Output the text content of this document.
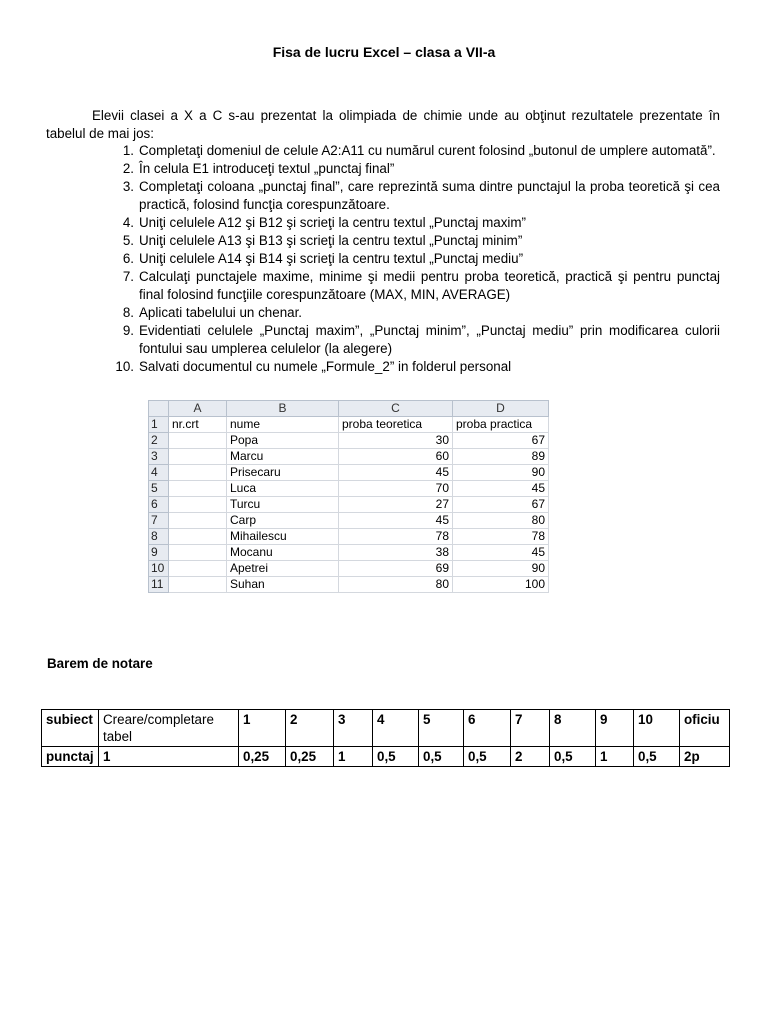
Fisa de lucru Excel – clasa a VII-a
Elevii clasei a X a C s-au prezentat la olimpiada de chimie unde au obţinut rezultatele prezentate în tabelul de mai jos:
1. Completaţi domeniul de celule A2:A11 cu numărul curent folosind „butonul de umplere automată”.
2. În celula E1 introduceţi textul „punctaj final”
3. Completaţi coloana „punctaj final”, care reprezintă suma dintre punctajul la proba teoretică şi cea practică, folosind funcţia corespunzătoare.
4. Uniţi celulele A12 şi B12 şi scrieţi la centru textul „Punctaj maxim”
5. Uniţi celulele A13 şi B13 şi scrieţi la centru textul „Punctaj minim”
6. Uniţi celulele A14 şi B14 şi scrieţi la centru textul „Punctaj mediu”
7. Calculaţi punctajele maxime, minime şi medii pentru proba teoretică, practică şi pentru punctaj final folosind funcţiile corespunzătoare (MAX, MIN, AVERAGE)
8. Aplicati tabelului un chenar.
9. Evidentiati celulele „Punctaj maxim”, „Punctaj minim”, „Punctaj mediu” prin modificarea culorii fontului sau umplerea celulelor (la alegere)
10. Salvati documentul cu numele „Formule_2” in folderul personal
	A	B	C	D
1	nr.crt	nume	proba teoretica	proba practica
2		Popa	30	67
3		Marcu	60	89
4		Prisecaru	45	90
5		Luca	70	45
6		Turcu	27	67
7		Carp	45	80
8		Mihailescu	78	78
9		Mocanu	38	45
10		Apetrei	69	90
11		Suhan	80	100
Barem de notare
subiect	Creare/completare tabel	1	2	3	4	5	6	7	8	9	10	oficiu
punctaj	1	0,25	0,25	1	0,5	0,5	0,5	2	0,5	1	0,5	2p
